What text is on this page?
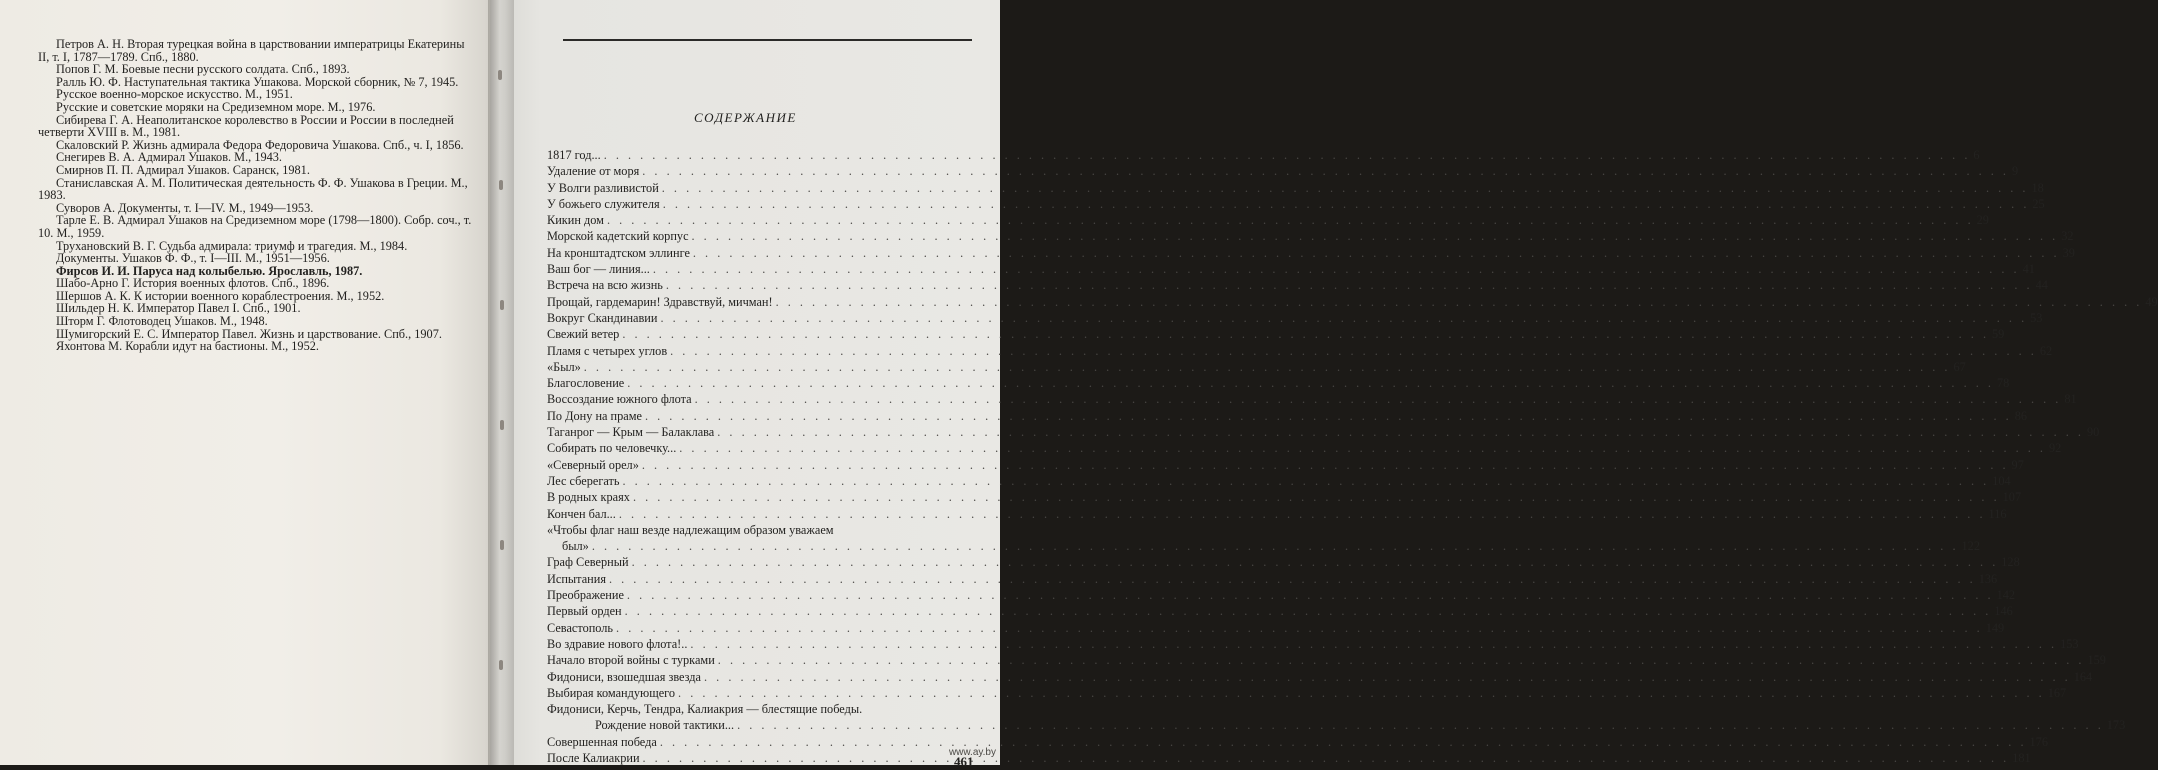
Петров А. Н. Вторая турецкая война в царствовании императрицы Екатерины II, т. I, 1787—1789. Спб., 1880.

Попов Г. М. Боевые песни русского солдата. Спб., 1893.

Ралль Ю. Ф. Наступательная тактика Ушакова. Морской сборник, № 7, 1945.

Русское военно-морское искусство. М., 1951.

Русские и советские моряки на Средиземном море. М., 1976.

Сибирева Г. А. Неаполитанское королевство в России и России в последней четверти XVIII в. М., 1981.

Скаловский Р. Жизнь адмирала Федора Федоровича Ушакова. Спб., ч. I, 1856.

Снегирев В. А. Адмирал Ушаков. М., 1943.

Смирнов П. П. Адмирал Ушаков. Саранск, 1981.

Станиславская А. М. Политическая деятельность Ф. Ф. Ушакова в Греции. М., 1983.

Суворов А. Документы, т. I—IV. М., 1949—1953.

Тарле Е. В. Адмирал Ушаков на Средиземном море (1798—1800). Собр. соч., т. 10. М., 1959.

Трухановский В. Г. Судьба адмирала: триумф и трагедия. М., 1984.

Документы. Ушаков Ф. Ф., т. I—III. М., 1951—1956.

Фирсов И. И. Паруса над колыбелью. Ярославль, 1987.

Шабо-Арно Г. История военных флотов. Спб., 1896.

Шершов А. К. К истории военного кораблестроения. М., 1952.

Шильдер Н. К. Император Павел I. Спб., 1901.

Шторм Г. Флотоводец Ушаков. М., 1948.

Шумигорский Е. С. Император Павел. Жизнь и царствование. Спб., 1907.

Яхонтова М. Корабли идут на бастионы. М., 1952.

СОДЕРЖАНИЕ
1817 год... . . .	6
Удаление от моря . . .	9
У Волги разливистой . . .	18
У божьего служителя . . .	25
Кикин дом . . .	29
Морской кадетский корпус . . .	32
На кронштадтском эллинге . . .	39
Ваш бог — линия... . . .	41
Встреча на всю жизнь . . .	44
Прощай, гардемарин! Здравствуй, мичман! . . .	49
Вокруг Скандинавии . . .	53
Свежий ветер . . .	59
Пламя с четырех углов . . .	62
«Был» . . .	67
Благословение . . .	78
Воссоздание южного флота . . .	81
По Дону на праме . . .	86
Таганрог — Крым — Балаклава . . .	90
Собирать по человечку... . . .	92
«Северный орел» . . .	97
Лес сберегать . . .	104
В родных краях . . .	107
Кончен бал... . . .	116
«Чтобы флаг наш везде надлежащим образом уважаем
был» . . .	122
Граф Северный . . .	128
Испытания . . .	136
Преображение . . .	142
Первый орден . . .	146
Севастополь . . .	149
Во здравие нового флота!.. . . .	153
Начало второй войны с турками . . .	159
Фидониси, взошедшая звезда . . .	164
Выбирая командующего . . .	167
Фидониси, Керчь, Тендра, Калиакрия — блестящие победы.
Рождение новой тактики... . . .	173
Совершенная победа . . .	176
После Калиакрии . . .	181
461
www.ay.by
